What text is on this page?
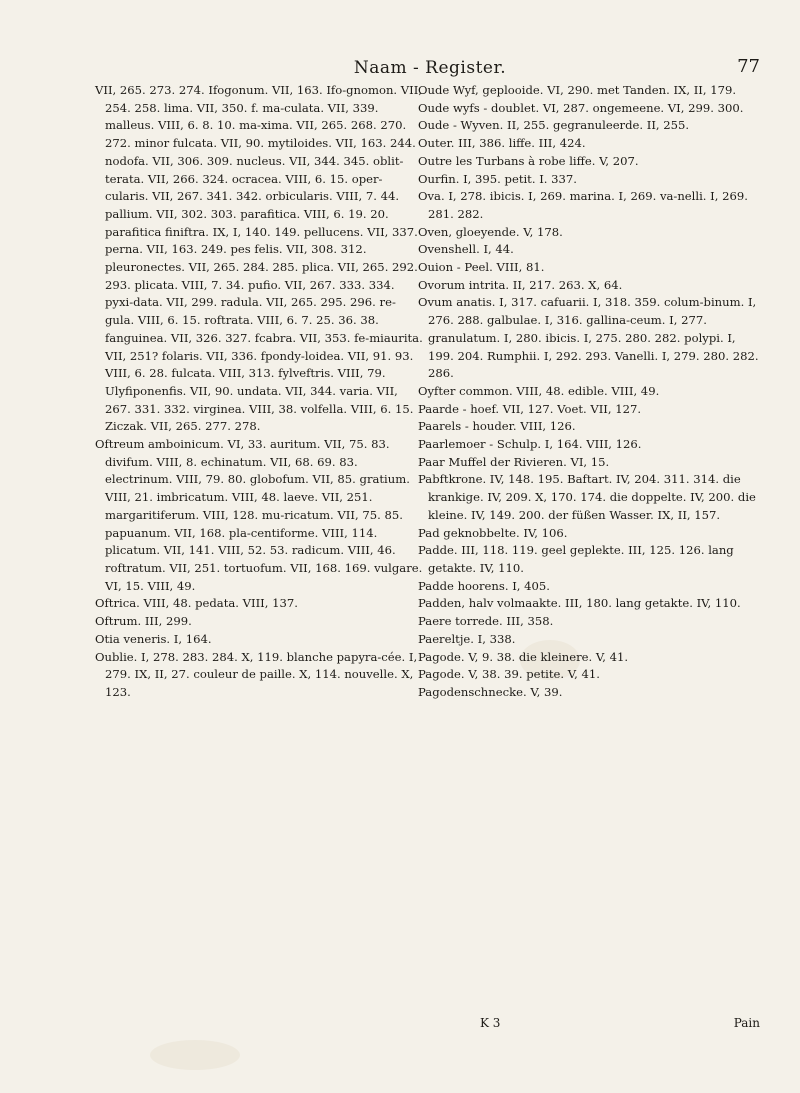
Naam - Register.	77

VII, 265. 273. 274. Ifogonum. VII, 163. Ifo-gnomon. VII, 254. 258. lima. VII, 350. f. ma-culata. VII, 339. malleus. VIII, 6. 8. 10. ma-xima. VII, 265. 268. 270. 272. minor fulcata. VII, 90. mytiloides. VII, 163. 244. nodofa. VII, 306. 309. nucleus. VII, 344. 345. oblit-terata. VII, 266. 324. ocracea. VIII, 6. 15. oper-cularis. VII, 267. 341. 342. orbicularis. VIII, 7. 44. pallium. VII, 302. 303. parafitica. VIII, 6. 19. 20. parafitica finiftra. IX, I, 140. 149. pellucens. VII, 337. perna. VII, 163. 249. pes felis. VII, 308. 312. pleuronectes. VII, 265. 284. 285. plica. VII, 265. 292. 293. plicata. VIII, 7. 34. pufio. VII, 267. 333. 334. pyxi-data. VII, 299. radula. VII, 265. 295. 296. re-gula. VIII, 6. 15. roftrata. VIII, 6. 7. 25. 36. 38. fanguinea. VII, 326. 327. fcabra. VII, 353. fe-miaurita. VII, 251? folaris. VII, 336. fpondy-loidea. VII, 91. 93. VIII, 6. 28. fulcata. VIII, 313. fylveftris. VIII, 79. Ulyfiponenfis. VII, 90. undata. VII, 344. varia. VII, 267. 331. 332. virginea. VIII, 38. volfella. VIII, 6. 15. Ziczak. VII, 265. 277. 278.

Oftreum amboinicum. VI, 33. auritum. VII, 75. 83. divifum. VIII, 8. echinatum. VII, 68. 69. 83. electrinum. VIII, 79. 80. globofum. VII, 85. gratium. VIII, 21. imbricatum. VIII, 48. laeve. VII, 251. margaritiferum. VIII, 128. mu-ricatum. VII, 75. 85. papuanum. VII, 168. pla-centiforme. VIII, 114. plicatum. VII, 141. VIII, 52. 53. radicum. VIII, 46. roftratum. VII, 251. tortuofum. VII, 168. 169. vulgare. VI, 15. VIII, 49.

Oftrica. VIII, 48. pedata. VIII, 137.

Oftrum. III, 299.

Otia veneris. I, 164.

Oublie. I, 278. 283. 284. X, 119. blanche papyra-cée. I, 279. IX, II, 27. couleur de paille. X, 114. nouvelle. X, 123.

Oude Wyf, geplooide. VI, 290. met Tanden. IX, II, 179.

Oude wyfs - doublet. VI, 287. ongemeene. VI, 299. 300.

Oude - Wyven. II, 255. gegranuleerde. II, 255.

Outer. III, 386. liffe. III, 424.

Outre les Turbans à robe liffe. V, 207.

Ourfin. I, 395. petit. I. 337.

Ova. I, 278. ibicis. I, 269. marina. I, 269. va-nelli. I, 269. 281. 282.

Oven, gloeyende. V, 178.

Ovenshell. I, 44.

Ouion - Peel. VIII, 81.

Ovorum intrita. II, 217. 263. X, 64.

Ovum anatis. I, 317. cafuarii. I, 318. 359. colum-binum. I, 276. 288. galbulae. I, 316. gallina-ceum. I, 277. granulatum. I, 280. ibicis. I, 275. 280. 282. polypi. I, 199. 204. Rumphii. I, 292. 293. Vanelli. I, 279. 280. 282. 286.

Oyfter common. VIII, 48. edible. VIII, 49.

Paarde - hoef. VII, 127. Voet. VII, 127.

Paarels - houder. VIII, 126.

Paarlemoer - Schulp. I, 164. VIII, 126.

Paar Muffel der Rivieren. VI, 15.

Pabftkrone. IV, 148. 195. Baftart. IV, 204. 311. 314. die krankige. IV, 209. X, 170. 174. die doppelte. IV, 200. die kleine. IV, 149. 200. der füßen Wasser. IX, II, 157.

Pad geknobbelte. IV, 106.

Padde. III, 118. 119. geel geplekte. III, 125. 126. lang getakte. IV, 110.

Padde hoorens. I, 405.

Padden, halv volmaakte. III, 180. lang getakte. IV, 110.

Paere torrede. III, 358.

Paereltje. I, 338.

Pagode. V, 9. 38. die kleinere. V, 41.

Pagode. V, 38. 39. petite. V, 41.

Pagodenschnecke. V, 39.

K 3	Pain
